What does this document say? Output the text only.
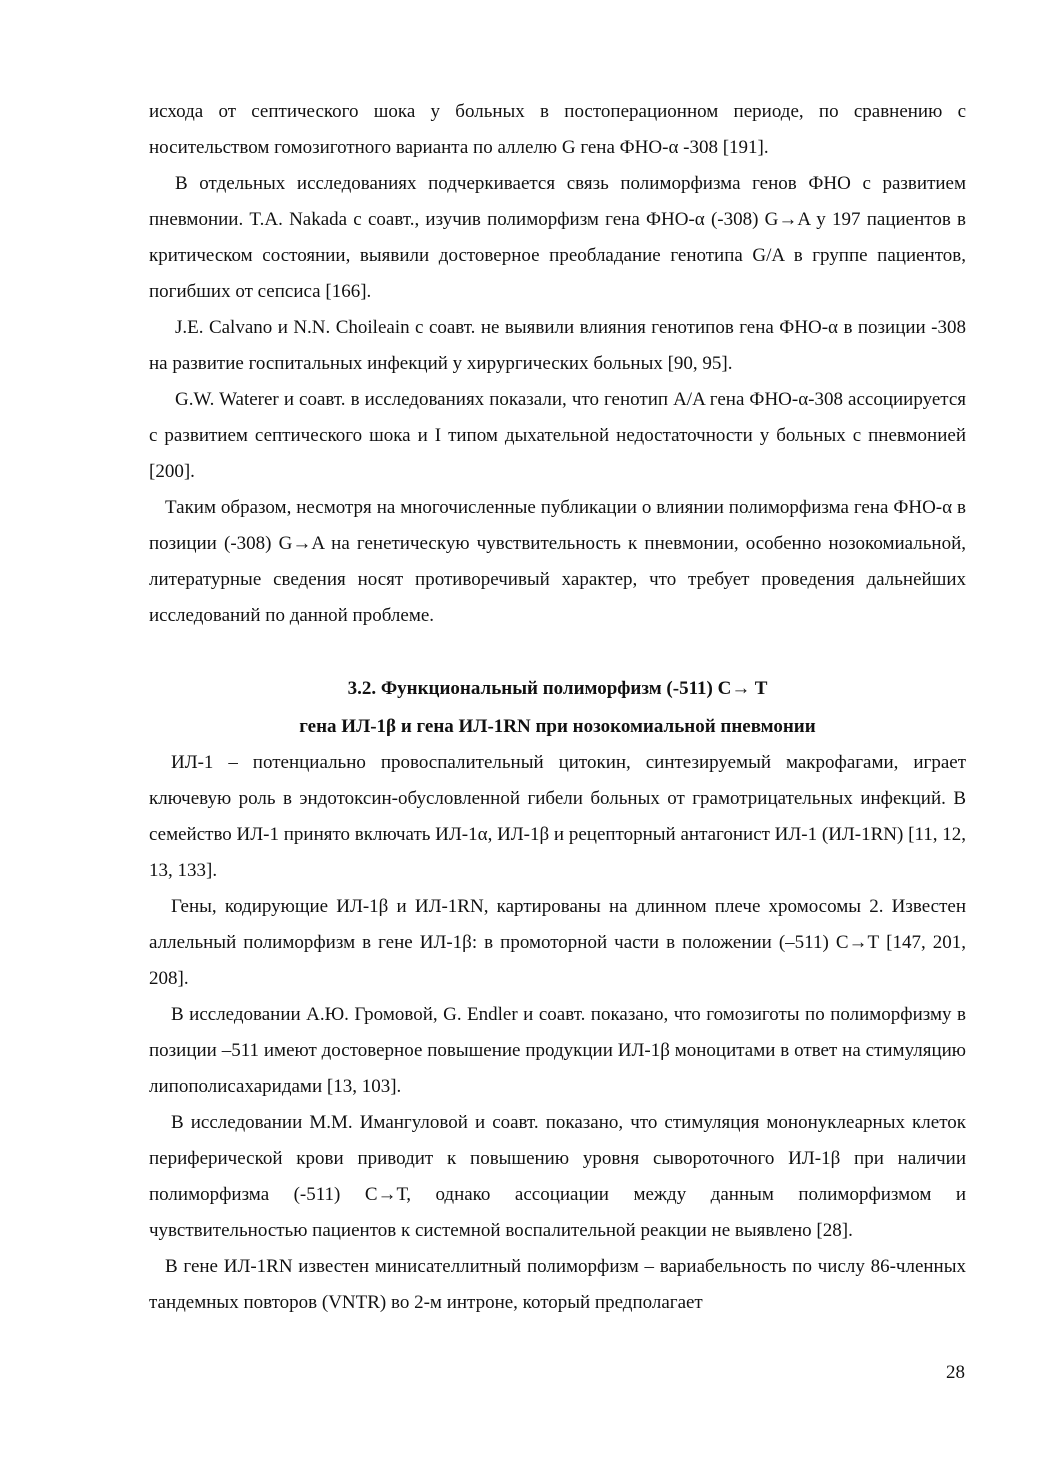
исхода от септического шока у больных в постоперационном периоде, по сравнению с носительством гомозиготного варианта по аллелю G гена ФНО-α -308 [191].

В отдельных исследованиях подчеркивается связь полиморфизма генов ФНО с развитием пневмонии. T.A. Nakada с соавт., изучив полиморфизм гена ФНО-α (-308) G→A у 197 пациентов в критическом состоянии, выявили достоверное преобладание генотипа G/A в группе пациентов, погибших от сепсиса [166].

J.E. Calvano и N.N. Choileain с соавт. не выявили влияния генотипов гена ФНО-α в позиции -308 на развитие госпитальных инфекций у хирургических больных [90, 95].

G.W. Waterer и соавт. в исследованиях показали, что генотип A/A гена ФНО-α-308 ассоциируется с развитием септического шока и I типом дыхательной недостаточности у больных с пневмонией [200].

Таким образом, несмотря на многочисленные публикации о влиянии полиморфизма гена ФНО-α в позиции (-308) G→A на генетическую чувствительность к пневмонии, особенно нозокомиальной, литературные сведения носят противоречивый характер, что требует проведения дальнейших исследований по данной проблеме.

3.2. Функциональный полиморфизм (-511) C→ T

гена ИЛ-1β и гена ИЛ-1RN при нозокомиальной пневмонии

ИЛ-1 – потенциально провоспалительный цитокин, синтезируемый макрофагами, играет ключевую роль в эндотоксин-обусловленной гибели больных от грамотрицательных инфекций. В семейство ИЛ-1 принято включать ИЛ-1α, ИЛ-1β и рецепторный антагонист ИЛ-1 (ИЛ-1RN) [11, 12, 13, 133].

Гены, кодирующие ИЛ-1β и ИЛ-1RN, картированы на длинном плече хромосомы 2. Известен аллельный полиморфизм в гене ИЛ-1β: в промоторной части в положении (–511) С→Т [147, 201, 208].

В исследовании А.Ю. Громовой, G. Endler и соавт. показано, что гомозиготы по полиморфизму в позиции –511 имеют достоверное повышение продукции ИЛ-1β моноцитами в ответ на стимуляцию липополисахаридами [13, 103].

В исследовании М.М. Имангуловой и соавт. показано, что стимуляция мононуклеарных клеток периферической крови приводит к повышению уровня сывороточного ИЛ-1β при наличии полиморфизма (-511) С→Т, однако ассоциации между данным полиморфизмом и чувствительностью пациентов к системной воспалительной реакции не выявлено [28].

В гене ИЛ-1RN известен минисателлитный полиморфизм – вариабельность по числу 86-членных тандемных повторов (VNTR) во 2-м интроне, который предполагает

28
